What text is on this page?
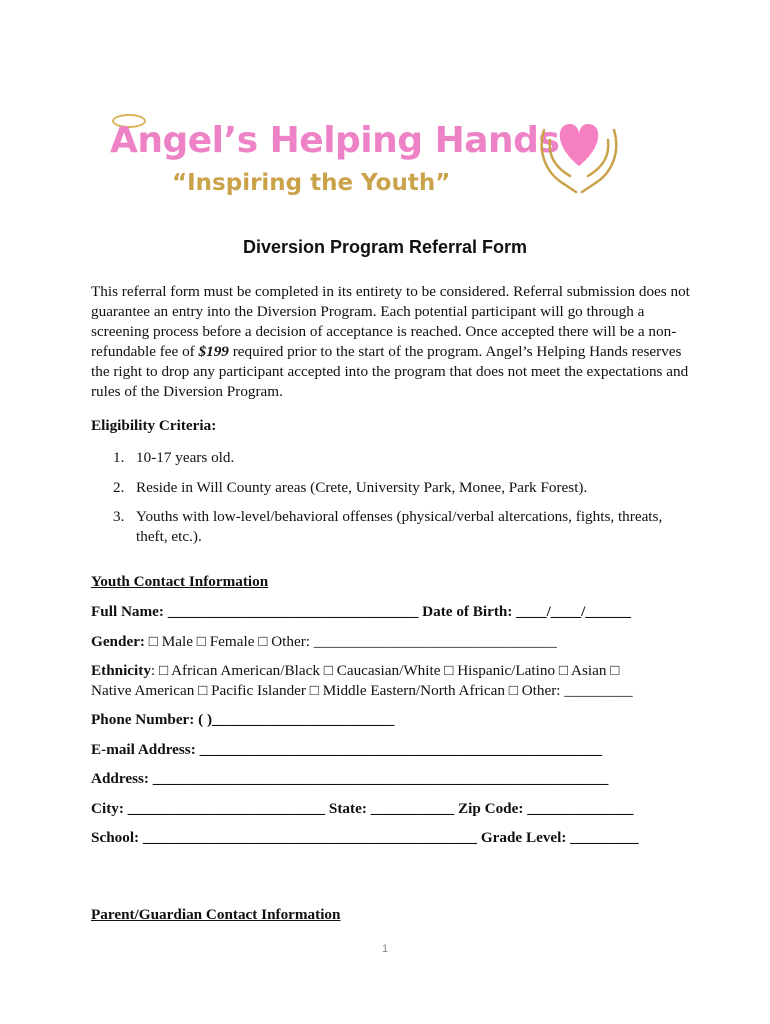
Angel’s Helping Hands
“Inspiring the Youth”
Diversion Program Referral Form
This referral form must be completed in its entirety to be considered. Referral submission does not guarantee an entry into the Diversion Program. Each potential participant will go through a screening process before a decision of acceptance is reached. Once accepted there will be a non-refundable fee of $199 required prior to the start of the program. Angel’s Helping Hands reserves the right to drop any participant accepted into the program that does not meet the expectations and rules of the Diversion Program.
Eligibility Criteria:
1. 10-17 years old.
2. Reside in Will County areas (Crete, University Park, Monee, Park Forest).
3. Youths with low-level/behavioral offenses (physical/verbal altercations, fights, threats, theft, etc.).
Youth Contact Information
Full Name: _________________________________ Date of Birth: ____/____/______
Gender: □ Male □ Female □ Other: ________________________________
Ethnicity: □ African American/Black □ Caucasian/White □ Hispanic/Latino □ Asian □
Native American □ Pacific Islander □ Middle Eastern/North African □ Other: _________
Phone Number: ( )________________________
E-mail Address: _____________________________________________________
Address: ____________________________________________________________
City: __________________________ State: ___________ Zip Code: ______________
School: ____________________________________________ Grade Level: _________
Parent/Guardian Contact Information
1
